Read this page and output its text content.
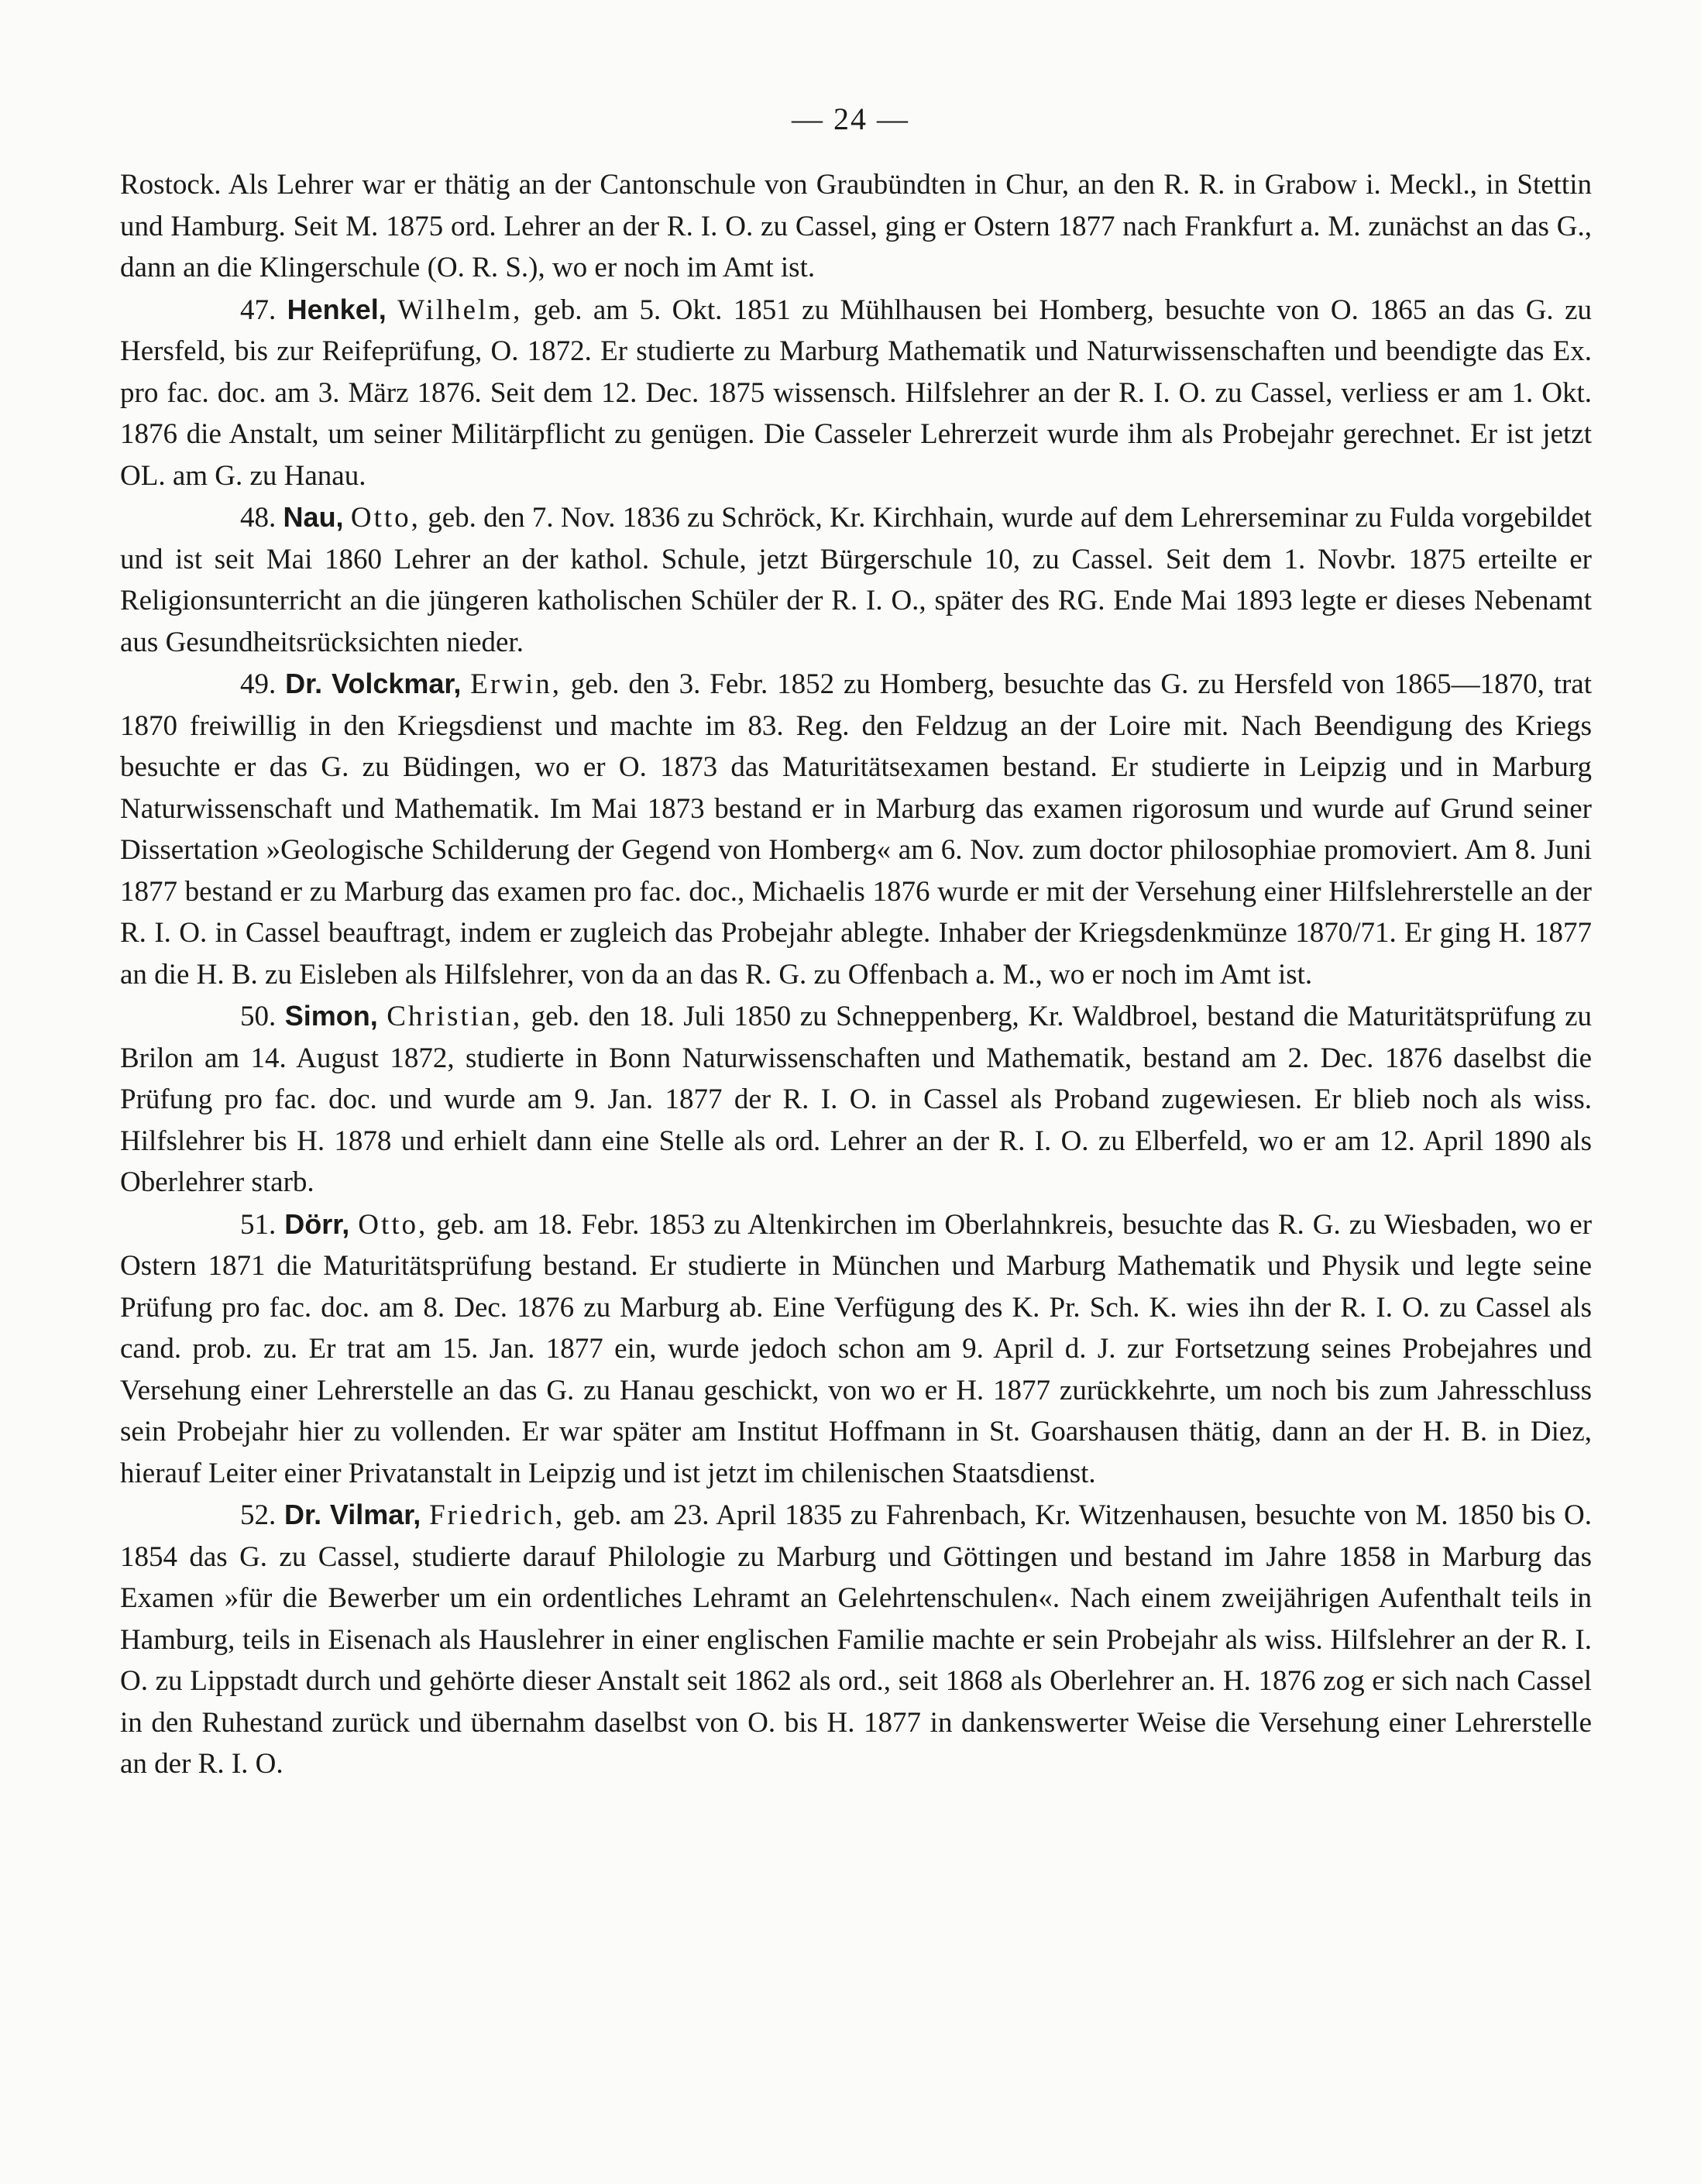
— 24 —

Rostock. Als Lehrer war er thätig an der Cantonschule von Graubündten in Chur, an den R. R. in Grabow i. Meckl., in Stettin und Hamburg. Seit M. 1875 ord. Lehrer an der R. I. O. zu Cassel, ging er Ostern 1877 nach Frankfurt a. M. zunächst an das G., dann an die Klingerschule (O. R. S.), wo er noch im Amt ist.

47. Henkel, Wilhelm, geb. am 5. Okt. 1851 zu Mühlhausen bei Homberg, besuchte von O. 1865 an das G. zu Hersfeld, bis zur Reifeprüfung, O. 1872. Er studierte zu Marburg Mathematik und Naturwissenschaften und beendigte das Ex. pro fac. doc. am 3. März 1876. Seit dem 12. Dec. 1875 wissensch. Hilfslehrer an der R. I. O. zu Cassel, verliess er am 1. Okt. 1876 die Anstalt, um seiner Militärpflicht zu genügen. Die Casseler Lehrerzeit wurde ihm als Probejahr gerechnet. Er ist jetzt OL. am G. zu Hanau.

48. Nau, Otto, geb. den 7. Nov. 1836 zu Schröck, Kr. Kirchhain, wurde auf dem Lehrerseminar zu Fulda vorgebildet und ist seit Mai 1860 Lehrer an der kathol. Schule, jetzt Bürgerschule 10, zu Cassel. Seit dem 1. Novbr. 1875 erteilte er Religionsunterricht an die jüngeren katholischen Schüler der R. I. O., später des RG. Ende Mai 1893 legte er dieses Nebenamt aus Gesundheitsrücksichten nieder.

49. Dr. Volckmar, Erwin, geb. den 3. Febr. 1852 zu Homberg, besuchte das G. zu Hersfeld von 1865—1870, trat 1870 freiwillig in den Kriegsdienst und machte im 83. Reg. den Feldzug an der Loire mit. Nach Beendigung des Kriegs besuchte er das G. zu Büdingen, wo er O. 1873 das Maturitätsexamen bestand. Er studierte in Leipzig und in Marburg Naturwissenschaft und Mathematik. Im Mai 1873 bestand er in Marburg das examen rigorosum und wurde auf Grund seiner Dissertation »Geologische Schilderung der Gegend von Homberg« am 6. Nov. zum doctor philosophiae promoviert. Am 8. Juni 1877 bestand er zu Marburg das examen pro fac. doc., Michaelis 1876 wurde er mit der Versehung einer Hilfslehrerstelle an der R. I. O. in Cassel beauftragt, indem er zugleich das Probejahr ablegte. Inhaber der Kriegsdenkmünze 1870/71. Er ging H. 1877 an die H. B. zu Eisleben als Hilfslehrer, von da an das R. G. zu Offenbach a. M., wo er noch im Amt ist.

50. Simon, Christian, geb. den 18. Juli 1850 zu Schneppenberg, Kr. Waldbroel, bestand die Maturitätsprüfung zu Brilon am 14. August 1872, studierte in Bonn Naturwissenschaften und Mathematik, bestand am 2. Dec. 1876 daselbst die Prüfung pro fac. doc. und wurde am 9. Jan. 1877 der R. I. O. in Cassel als Proband zugewiesen. Er blieb noch als wiss. Hilfslehrer bis H. 1878 und erhielt dann eine Stelle als ord. Lehrer an der R. I. O. zu Elberfeld, wo er am 12. April 1890 als Oberlehrer starb.

51. Dörr, Otto, geb. am 18. Febr. 1853 zu Altenkirchen im Oberlahnkreis, besuchte das R. G. zu Wiesbaden, wo er Ostern 1871 die Maturitätsprüfung bestand. Er studierte in München und Marburg Mathematik und Physik und legte seine Prüfung pro fac. doc. am 8. Dec. 1876 zu Marburg ab. Eine Verfügung des K. Pr. Sch. K. wies ihn der R. I. O. zu Cassel als cand. prob. zu. Er trat am 15. Jan. 1877 ein, wurde jedoch schon am 9. April d. J. zur Fortsetzung seines Probejahres und Versehung einer Lehrerstelle an das G. zu Hanau geschickt, von wo er H. 1877 zurückkehrte, um noch bis zum Jahresschluss sein Probejahr hier zu vollenden. Er war später am Institut Hoffmann in St. Goarshausen thätig, dann an der H. B. in Diez, hierauf Leiter einer Privatanstalt in Leipzig und ist jetzt im chilenischen Staatsdienst.

52. Dr. Vilmar, Friedrich, geb. am 23. April 1835 zu Fahrenbach, Kr. Witzenhausen, besuchte von M. 1850 bis O. 1854 das G. zu Cassel, studierte darauf Philologie zu Marburg und Göttingen und bestand im Jahre 1858 in Marburg das Examen »für die Bewerber um ein ordentliches Lehramt an Gelehrtenschulen«. Nach einem zweijährigen Aufenthalt teils in Hamburg, teils in Eisenach als Hauslehrer in einer englischen Familie machte er sein Probejahr als wiss. Hilfslehrer an der R. I. O. zu Lippstadt durch und gehörte dieser Anstalt seit 1862 als ord., seit 1868 als Oberlehrer an. H. 1876 zog er sich nach Cassel in den Ruhestand zurück und übernahm daselbst von O. bis H. 1877 in dankenswerter Weise die Versehung einer Lehrerstelle an der R. I. O.
